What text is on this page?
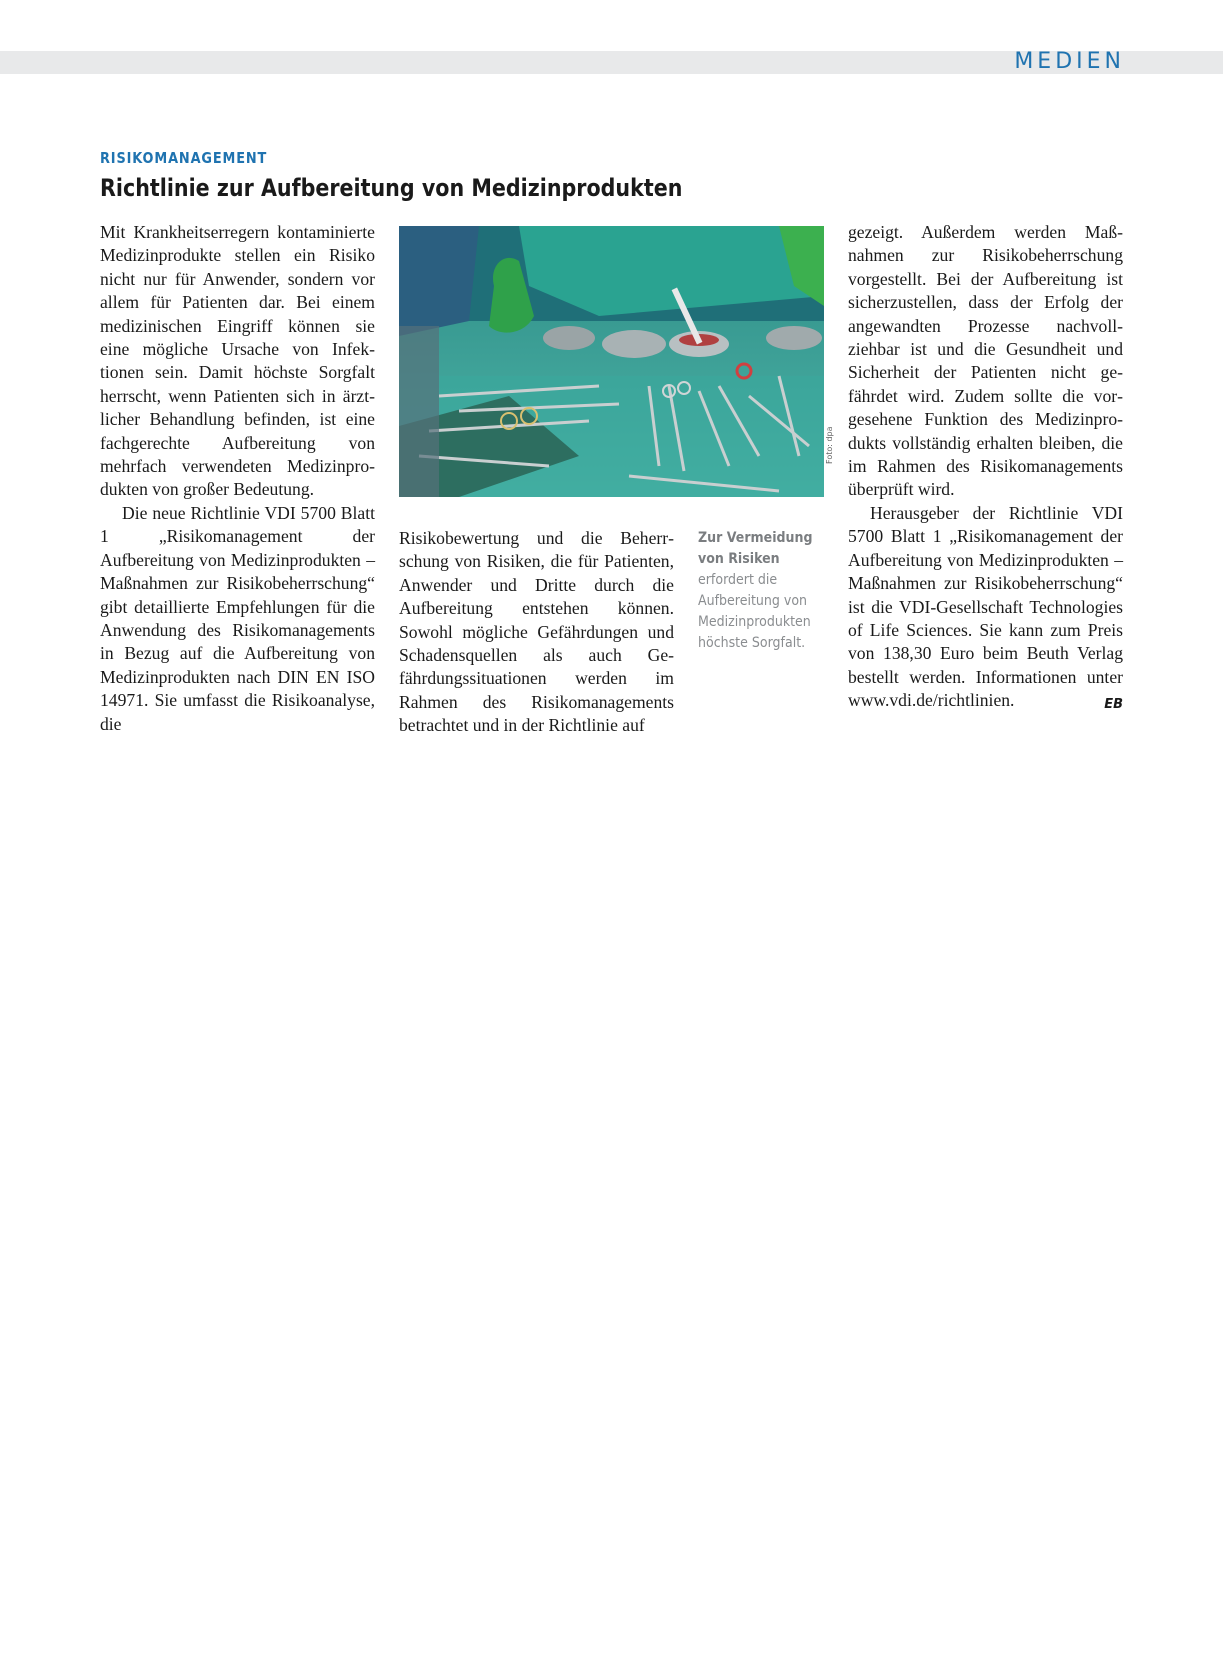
MEDIEN
RISIKOMANAGEMENT
Richtlinie zur Aufbereitung von Medizinprodukten

Mit Krankheitserregern kontaminierte Medizinprodukte stellen ein Risiko nicht nur für Anwender, sondern vor allem für Patienten dar. Bei einem medizinischen Eingriff können sie eine mögliche Ursache von Infektionen sein. Damit höchste Sorgfalt herrscht, wenn Patienten sich in ärztlicher Behandlung befinden, ist eine fachgerechte Aufbereitung von mehrfach verwendeten Medizinprodukten von großer Bedeutung.

Die neue Richtlinie VDI 5700 Blatt 1 „Risikomanagement der Aufbereitung von Medizinprodukten – Maßnahmen zur Risikobeherrschung“ gibt detaillierte Empfehlungen für die Anwendung des Risikomanagements in Bezug auf die Aufbereitung von Medizinprodukten nach DIN EN ISO 14971. Sie umfasst die Risikoanalyse, die

Foto: dpa

Risikobewertung und die Beherrschung von Risiken, die für Patienten, Anwender und Dritte durch die Aufbereitung entstehen können. Sowohl mögliche Gefährdungen und Schadensquellen als auch Gefährdungssituationen werden im Rahmen des Risikomanagements betrachtet und in der Richtlinie auf

Zur Vermeidung von Risiken erfordert die Aufbereitung von Medizinprodukten höchste Sorgfalt.

gezeigt. Außerdem werden Maßnahmen zur Risikobeherrschung vorgestellt. Bei der Aufbereitung ist sicherzustellen, dass der Erfolg der angewandten Prozesse nachvollziehbar ist und die Gesundheit und Sicherheit der Patienten nicht gefährdet wird. Zudem sollte die vorgesehene Funktion des Medizinprodukts vollständig erhalten bleiben, die im Rahmen des Risikomanagements überprüft wird.

Herausgeber der Richtlinie VDI 5700 Blatt 1 „Risikomanagement der Aufbereitung von Medizinprodukten – Maßnahmen zur Risikobeherrschung“ ist die VDI-Gesellschaft Technologies of Life Sciences. Sie kann zum Preis von 138,30 Euro beim Beuth Verlag bestellt werden. Informationen unter www.vdi.de/richtlinien.	EB
